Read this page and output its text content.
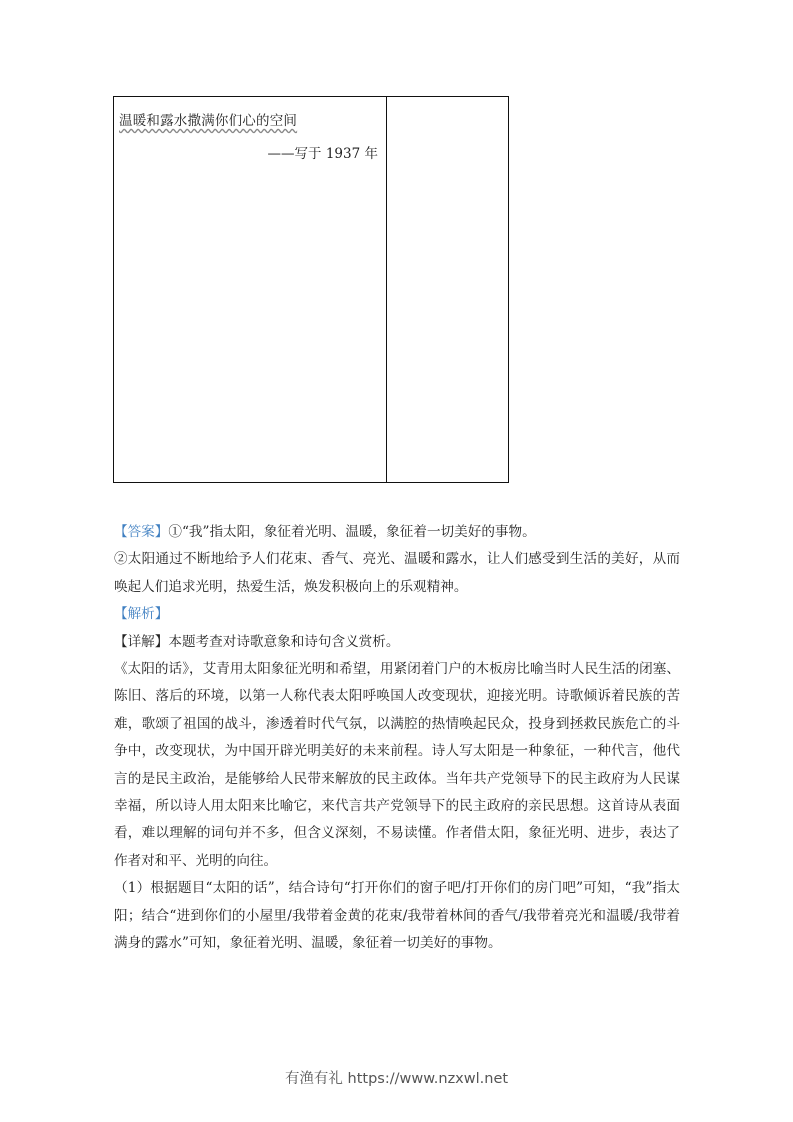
温暖和露水撒满你们心的空间
——写于 1937 年

【答案】①“我”指太阳，象征着光明、温暖，象征着一切美好的事物。

②太阳通过不断地给予人们花束、香气、亮光、温暖和露水，让人们感受到生活的美好，从而唤起人们追求光明，热爱生活，焕发积极向上的乐观精神。

【解析】

【详解】本题考查对诗歌意象和诗句含义赏析。

《太阳的话》，艾青用太阳象征光明和希望，用紧闭着门户的木板房比喻当时人民生活的闭塞、陈旧、落后的环境，以第一人称代表太阳呼唤国人改变现状，迎接光明。诗歌倾诉着民族的苦难，歌颂了祖国的战斗，渗透着时代气氛，以满腔的热情唤起民众，投身到拯救民族危亡的斗争中，改变现状，为中国开辟光明美好的未来前程。诗人写太阳是一种象征，一种代言，他代言的是民主政治，是能够给人民带来解放的民主政体。当年共产党领导下的民主政府为人民谋幸福，所以诗人用太阳来比喻它，来代言共产党领导下的民主政府的亲民思想。这首诗从表面看，难以理解的词句并不多，但含义深刻，不易读懂。作者借太阳，象征光明、进步，表达了作者对和平、光明的向往。

（1）根据题目“太阳的话”，结合诗句“打开你们的窗子吧/打开你们的房门吧”可知，“我”指太阳；结合“进到你们的小屋里/我带着金黄的花束/我带着林间的香气/我带着亮光和温暖/我带着满身的露水”可知，象征着光明、温暖，象征着一切美好的事物。

有渔有礼 https://www.nzxwl.net
